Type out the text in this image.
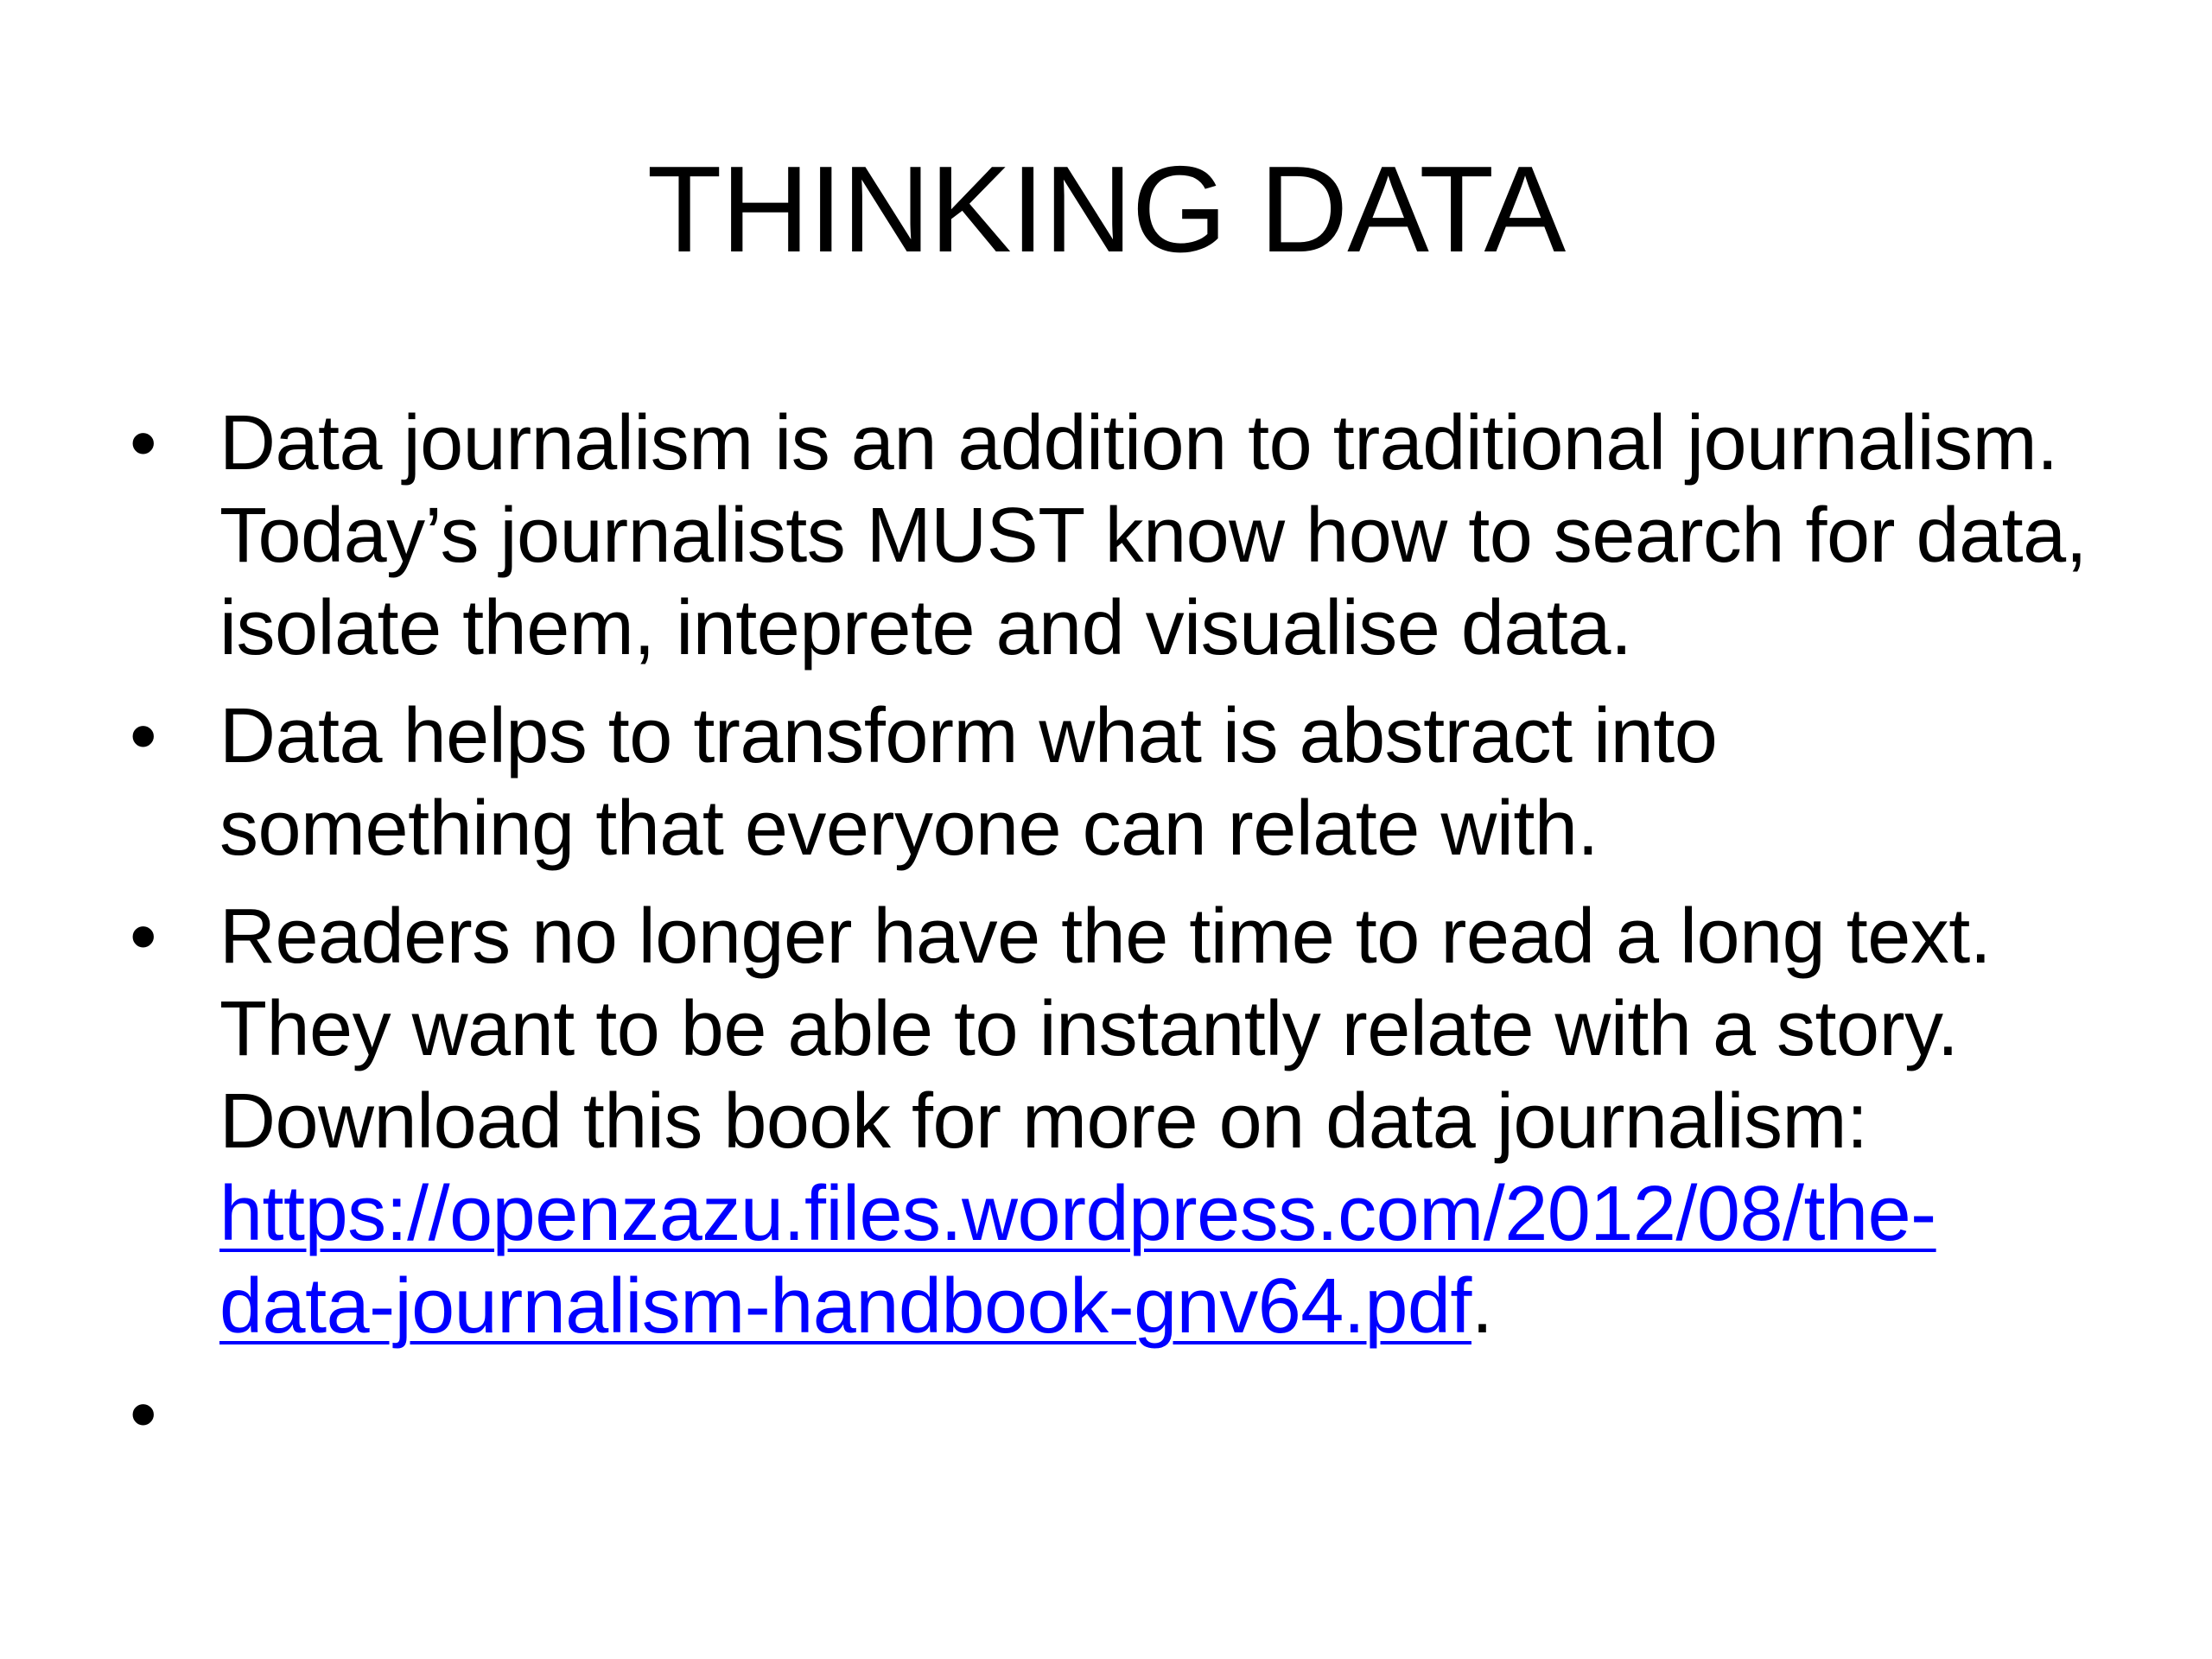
THINKING DATA
• Data journalism is an addition to traditional journalism.
Today’s journalists MUST know how to search for data,
isolate them, inteprete and visualise data.
• Data helps to transform what is abstract into
something that everyone can relate with.
• Readers no longer have the time to read a long text.
They want to be able to instantly relate with a story.
Download this book for more on data journalism:
https://openzazu.files.wordpress.com/2012/08/the-
data-journalism-handbook-gnv64.pdf.
•
